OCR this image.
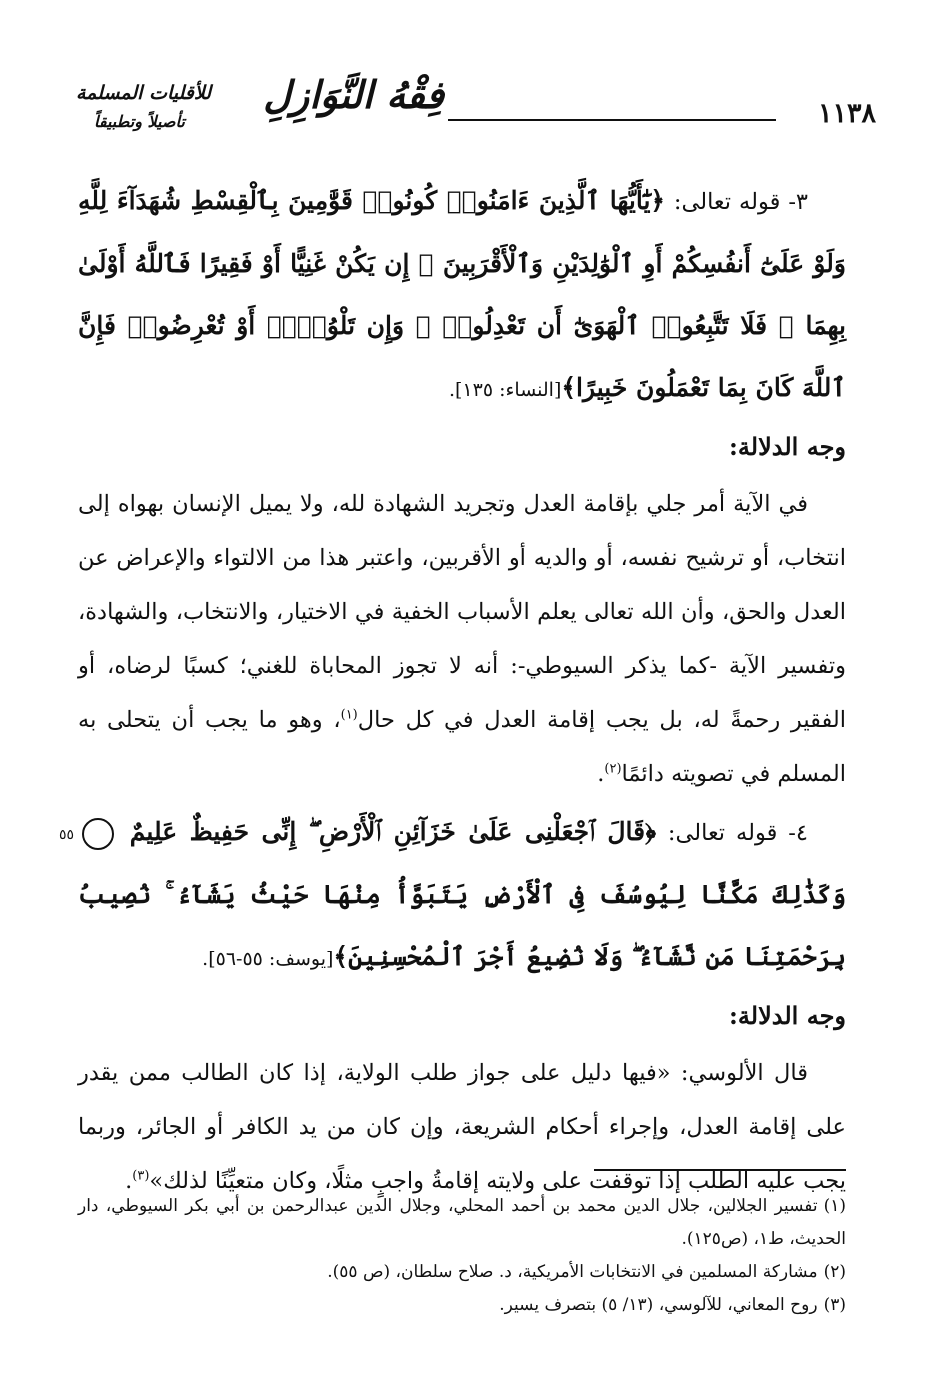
١١٣٨
فِقْهُ النَّوَازِلِ
للأقليات المسلمة
تأصيلاً وتطبيقاً

٣- قوله تعالى: ﴿يَٰٓأَيُّهَا ٱلَّذِينَ ءَامَنُوا۟ كُونُوا۟ قَوَّٰمِينَ بِٱلْقِسْطِ شُهَدَآءَ لِلَّهِ وَلَوْ عَلَىٰٓ أَنفُسِكُمْ أَوِ ٱلْوَٰلِدَيْنِ وَٱلْأَقْرَبِينَ ۚ إِن يَكُنْ غَنِيًّا أَوْ فَقِيرًا فَٱللَّهُ أَوْلَىٰ بِهِمَا ۖ فَلَا تَتَّبِعُوا۟ ٱلْهَوَىٰٓ أَن تَعْدِلُوا۟ ۚ وَإِن تَلْوُۥٓا۟ أَوْ تُعْرِضُوا۟ فَإِنَّ ٱللَّهَ كَانَ بِمَا تَعْمَلُونَ خَبِيرًا﴾[النساء: ١٣٥].

وجه الدلالة:

في الآية أمر جلي بإقامة العدل وتجريد الشهادة لله، ولا يميل الإنسان بهواه إلى انتخاب، أو ترشيح نفسه، أو والديه أو الأقربين، واعتبر هذا من الالتواء والإعراض عن العدل والحق، وأن الله تعالى يعلم الأسباب الخفية في الاختيار، والانتخاب، والشهادة، وتفسير الآية -كما يذكر السيوطي-: أنه لا تجوز المحاباة للغني؛ كسبًا لرضاه، أو الفقير رحمةً له، بل يجب إقامة العدل في كل حال$^{(١)}$، وهو ما يجب أن يتحلى به المسلم في تصويته دائمًا$^{(٢)}$.

٤- قوله تعالى: ﴿قَالَ ٱجْعَلْنِى عَلَىٰ خَزَآئِنِ ٱلْأَرْضِ ۖ إِنِّى حَفِيظٌ عَلِيمٌ ٥٥ وَكَذَٰلِكَ مَكَّنَّا لِيُوسُفَ فِى ٱلْأَرْضِ يَتَبَوَّأُ مِنْهَا حَيْثُ يَشَآءُ ۚ نُصِيبُ بِرَحْمَتِنَا مَن نَّشَآءُ ۖ وَلَا نُضِيعُ أَجْرَ ٱلْمُحْسِنِينَ﴾[يوسف: ٥٥-٥٦].

وجه الدلالة:

قال الألوسي: «فيها دليل على جواز طلب الولاية، إذا كان الطالب ممن يقدر على إقامة العدل، وإجراء أحكام الشريعة، وإن كان من يد الكافر أو الجائر، وربما يجب عليه الطلب إذا توقفت على ولايته إقامةُ واجبٍ مثلًا، وكان متعيِّنًا لذلك»$^{(٣)}$.

(١)تفسير الجلالين، جلال الدين محمد بن أحمد المحلي، وجلال الدين عبدالرحمن بن أبي بكر السيوطي، دار الحديث، ط١، (ص١٢٥).

(٢)مشاركة المسلمين في الانتخابات الأمريكية، د. صلاح سلطان، (ص ٥٥).

(٣)روح المعاني، للآلوسي، (١٣/ ٥) بتصرف يسير.
